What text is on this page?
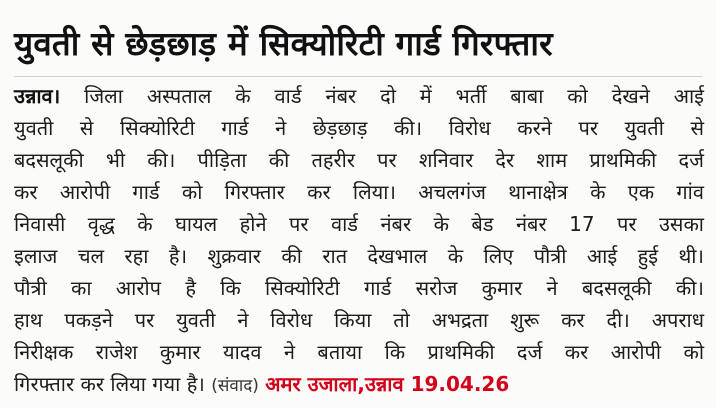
युवती से छेड़छाड़ में सिक्योरिटी गार्ड गिरफ्तार
उन्नाव। जिला अस्पताल के वार्ड नंबर दो में भर्ती बाबा को देखने आई
युवती से सिक्योरिटी गार्ड ने छेड़छाड़ की। विरोध करने पर युवती से
बदसलूकी भी की। पीड़िता की तहरीर पर शनिवार देर शाम प्राथमिकी दर्ज
कर आरोपी गार्ड को गिरफ्तार कर लिया। अचलगंज थानाक्षेत्र के एक गांव
निवासी वृद्ध के घायल होने पर वार्ड नंबर के बेड नंबर 17 पर उसका
इलाज चल रहा है। शुक्रवार की रात देखभाल के लिए पौत्री आई हुई थी।
पौत्री का आरोप है कि सिक्योरिटी गार्ड सरोज कुमार ने बदसलूकी की।
हाथ पकड़ने पर युवती ने विरोध किया तो अभद्रता शुरू कर दी। अपराध
निरीक्षक राजेश कुमार यादव ने बताया कि प्राथमिकी दर्ज कर आरोपी को
गिरफ्तार कर लिया गया है। (संवाद) अमर उजाला,उन्नाव 19.04.26
